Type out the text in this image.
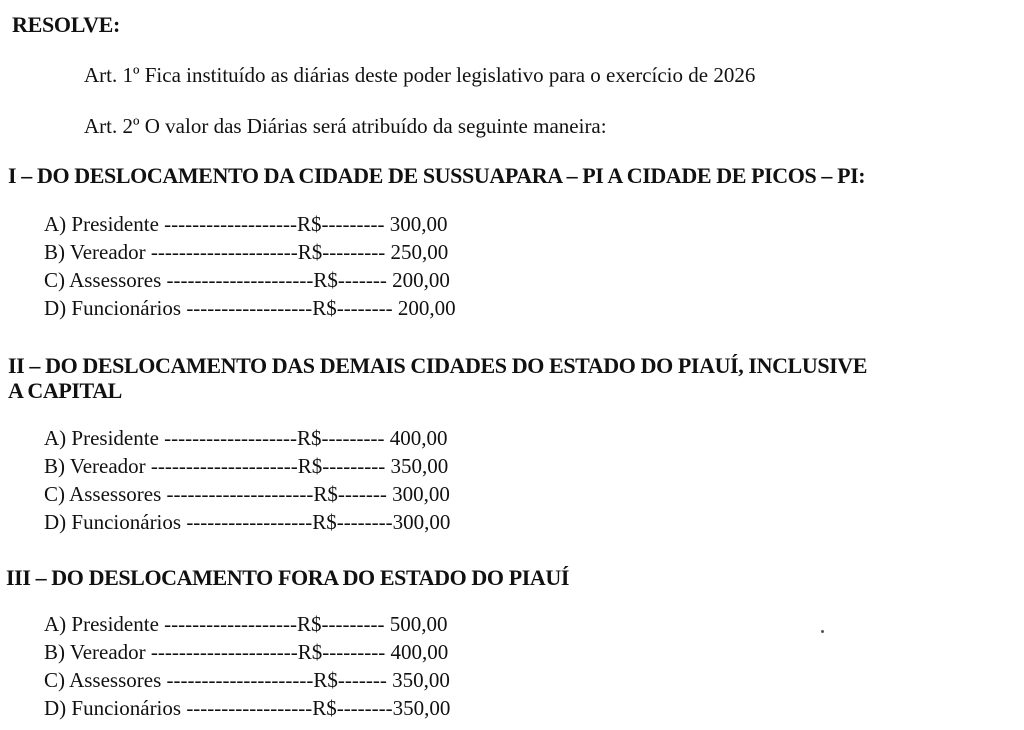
RESOLVE:
Art. 1º Fica instituído as diárias deste poder legislativo para o exercício de 2026
Art. 2º O valor das Diárias será atribuído da seguinte maneira:
I – DO DESLOCAMENTO DA CIDADE DE SUSSUAPARA – PI A CIDADE DE PICOS – PI:
A) Presidente -------------------R$--------- 300,00
B) Vereador ---------------------R$--------- 250,00
C) Assessores ---------------------R$------- 200,00
D) Funcionários ------------------R$-------- 200,00
II – DO DESLOCAMENTO DAS DEMAIS CIDADES DO ESTADO DO PIAUÍ, INCLUSIVE
A CAPITAL
A) Presidente -------------------R$--------- 400,00
B) Vereador ---------------------R$--------- 350,00
C) Assessores ---------------------R$------- 300,00
D) Funcionários ------------------R$--------300,00
III – DO DESLOCAMENTO FORA DO ESTADO DO PIAUÍ
A) Presidente -------------------R$--------- 500,00
B) Vereador ---------------------R$--------- 400,00
C) Assessores ---------------------R$------- 350,00
D) Funcionários ------------------R$--------350,00
